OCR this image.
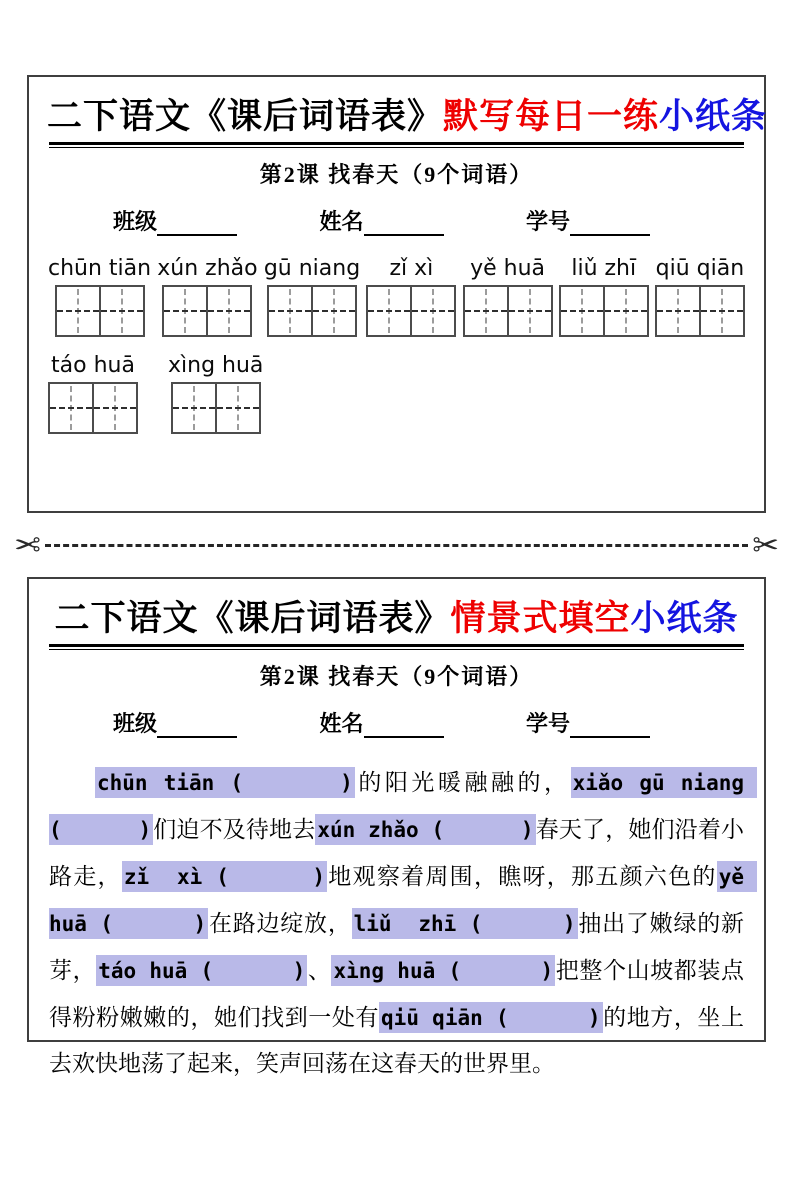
二下语文《课后词语表》默写每日一练小纸条
第2课 找春天（9个词语）
班级	姓名	学号
chūn tiān xún zhǎo gū niang zǐ xì yě huā liǔ zhī qiū qiān
táo huā xìng huā
✂	✂
二下语文《课后词语表》情景式填空小纸条
第2课 找春天（9个词语）
班级	姓名	学号

chūn tiān (      )的阳光暖融融的，xiǎo gū niang (      )们迫不及待地去xún zhǎo (      )春天了，她们沿着小路走，zǐ  xì (      )地观察着周围，瞧呀，那五颜六色的yě huā (      )在路边绽放，liǔ  zhī (      )抽出了嫩绿的新芽，táo huā (      )、xìng huā (      )把整个山坡都装点得粉粉嫩嫩的，她们找到一处有qiū qiān (      )的地方，坐上去欢快地荡了起来，笑声回荡在这春天的世界里。
